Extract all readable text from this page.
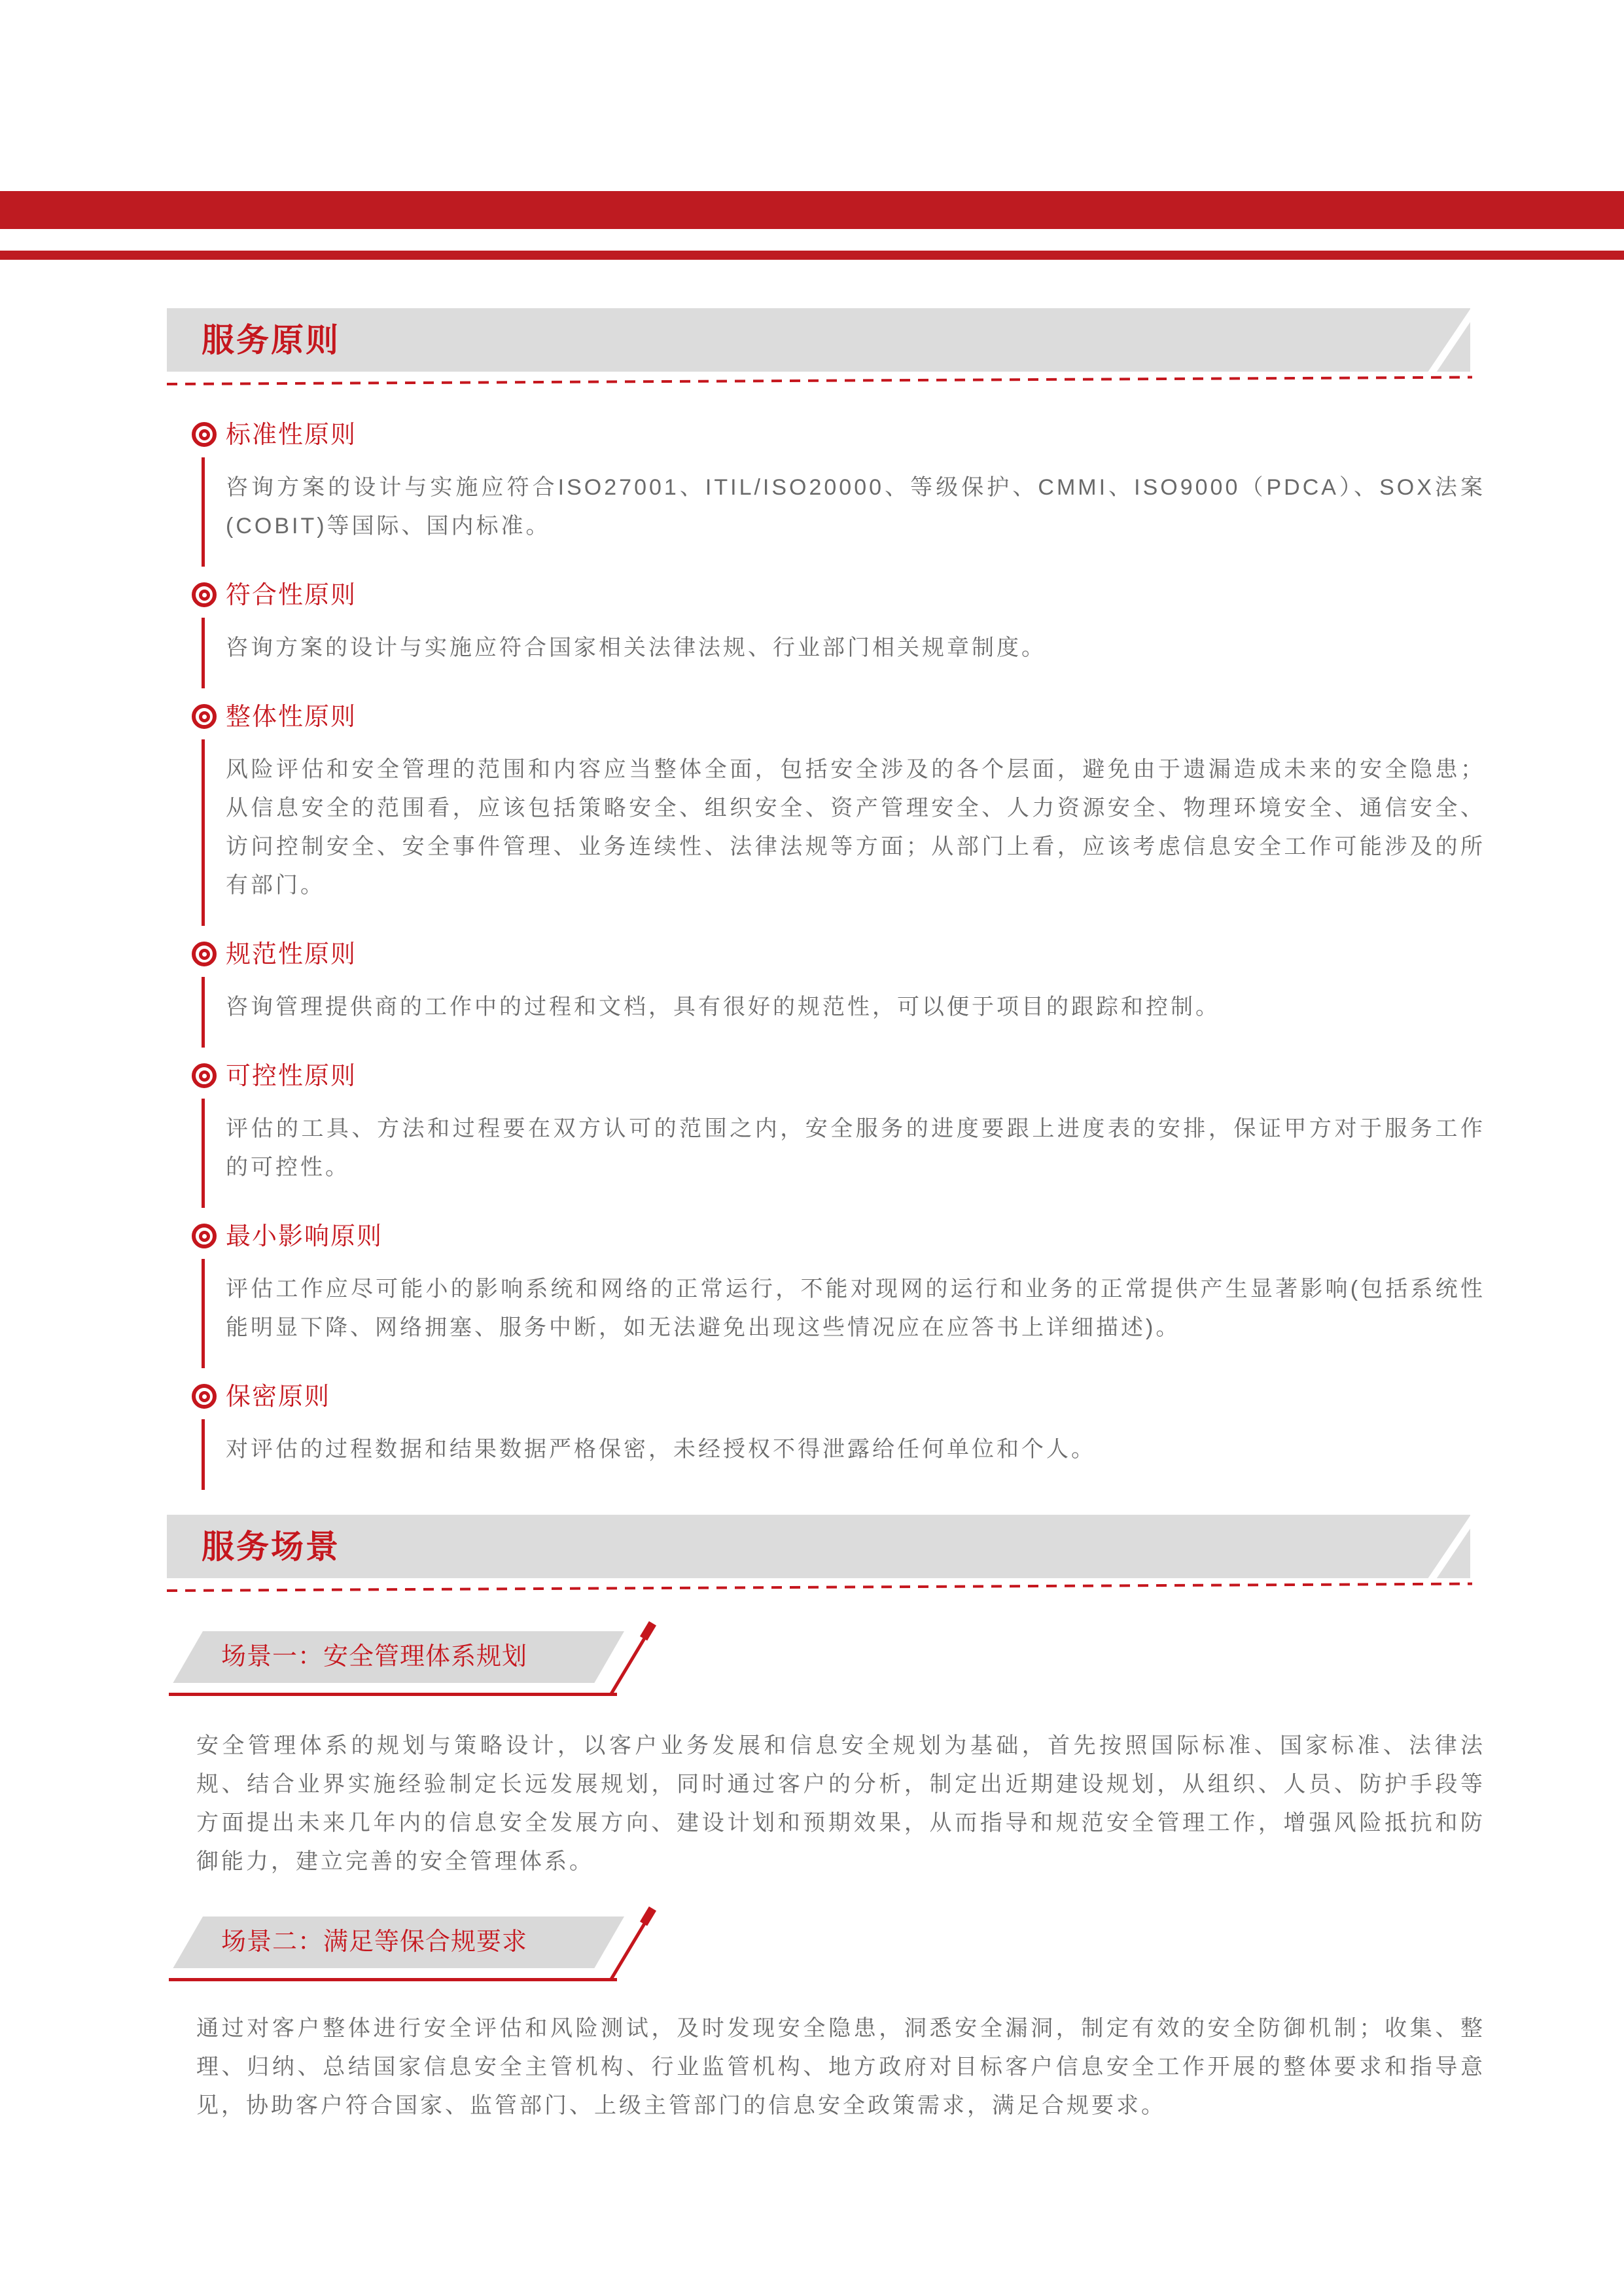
服务原则
标准性原则
咨询方案的设计与实施应符合ISO27001、ITIL/ISO20000、等级保护、CMMI、ISO9000（PDCA）、SOX法案(COBIT)等国际、国内标准。
符合性原则
咨询方案的设计与实施应符合国家相关法律法规、行业部门相关规章制度。
整体性原则
风险评估和安全管理的范围和内容应当整体全面，包括安全涉及的各个层面，避免由于遗漏造成未来的安全隐患；从信息安全的范围看，应该包括策略安全、组织安全、资产管理安全、人力资源安全、物理环境安全、通信安全、访问控制安全、安全事件管理、业务连续性、法律法规等方面；从部门上看，应该考虑信息安全工作可能涉及的所有部门。
规范性原则
咨询管理提供商的工作中的过程和文档，具有很好的规范性，可以便于项目的跟踪和控制。
可控性原则
评估的工具、方法和过程要在双方认可的范围之内，安全服务的进度要跟上进度表的安排，保证甲方对于服务工作的可控性。
最小影响原则
评估工作应尽可能小的影响系统和网络的正常运行，不能对现网的运行和业务的正常提供产生显著影响(包括系统性能明显下降、网络拥塞、服务中断，如无法避免出现这些情况应在应答书上详细描述)。
保密原则
对评估的过程数据和结果数据严格保密，未经授权不得泄露给任何单位和个人。
服务场景
场景一：安全管理体系规划
安全管理体系的规划与策略设计，以客户业务发展和信息安全规划为基础，首先按照国际标准、国家标准、法律法规、结合业界实施经验制定长远发展规划，同时通过客户的分析，制定出近期建设规划，从组织、人员、防护手段等方面提出未来几年内的信息安全发展方向、建设计划和预期效果，从而指导和规范安全管理工作，增强风险抵抗和防御能力，建立完善的安全管理体系。
场景二：满足等保合规要求
通过对客户整体进行安全评估和风险测试，及时发现安全隐患，洞悉安全漏洞，制定有效的安全防御机制；收集、整理、归纳、总结国家信息安全主管机构、行业监管机构、地方政府对目标客户信息安全工作开展的整体要求和指导意见，协助客户符合国家、监管部门、上级主管部门的信息安全政策需求，满足合规要求。
